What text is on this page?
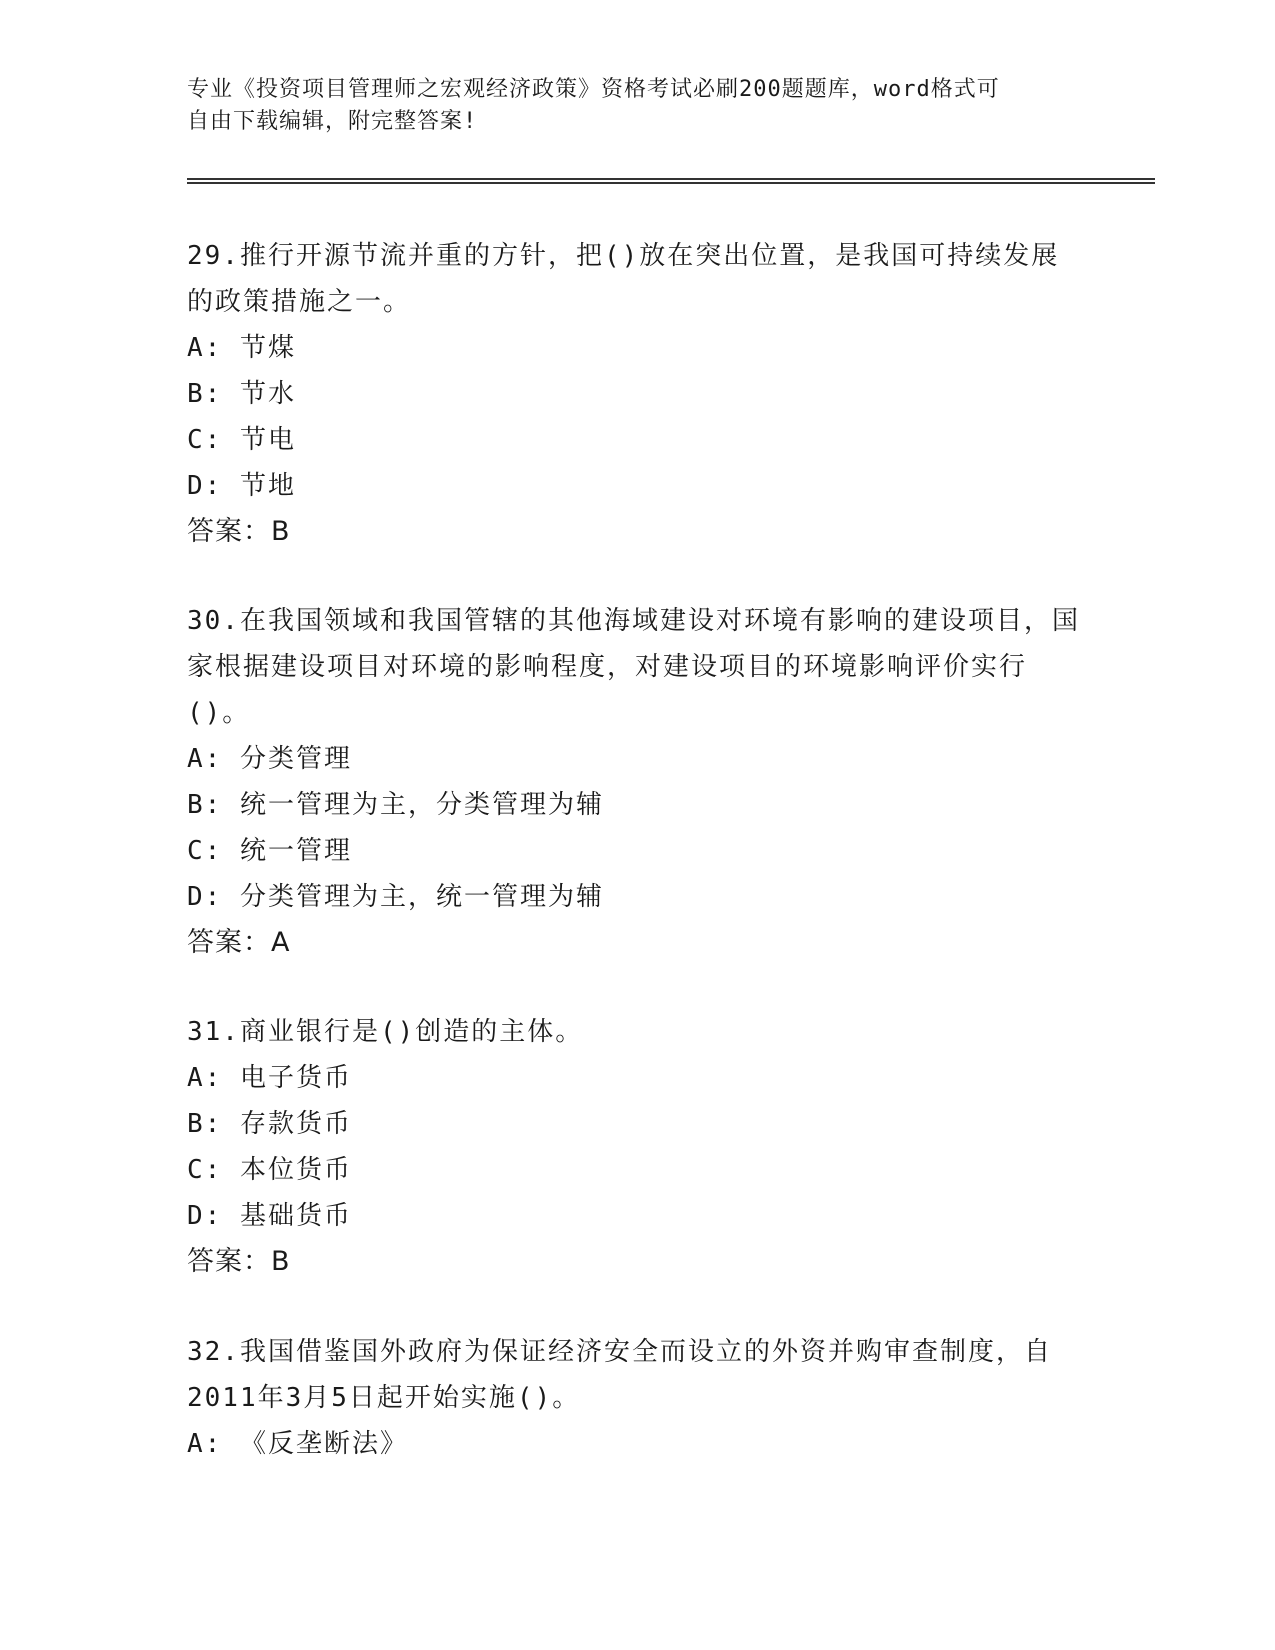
专业《投资项目管理师之宏观经济政策》资格考试必刷200题题库，word格式可
自由下载编辑，附完整答案!

29.推行开源节流并重的方针，把()放在突出位置，是我国可持续发展的政策措施之一。

A: 节煤

B: 节水

C: 节电

D: 节地

答案：B

30.在我国领域和我国管辖的其他海域建设对环境有影响的建设项目，国家根据建设项目对环境的影响程度，对建设项目的环境影响评价实行()。

A: 分类管理

B: 统一管理为主，分类管理为辅

C: 统一管理

D: 分类管理为主，统一管理为辅

答案：A

31.商业银行是()创造的主体。

A: 电子货币

B: 存款货币

C: 本位货币

D: 基础货币

答案：B

32.我国借鉴国外政府为保证经济安全而设立的外资并购审查制度，自2011年3月5日起开始实施()。

A: 《反垄断法》
